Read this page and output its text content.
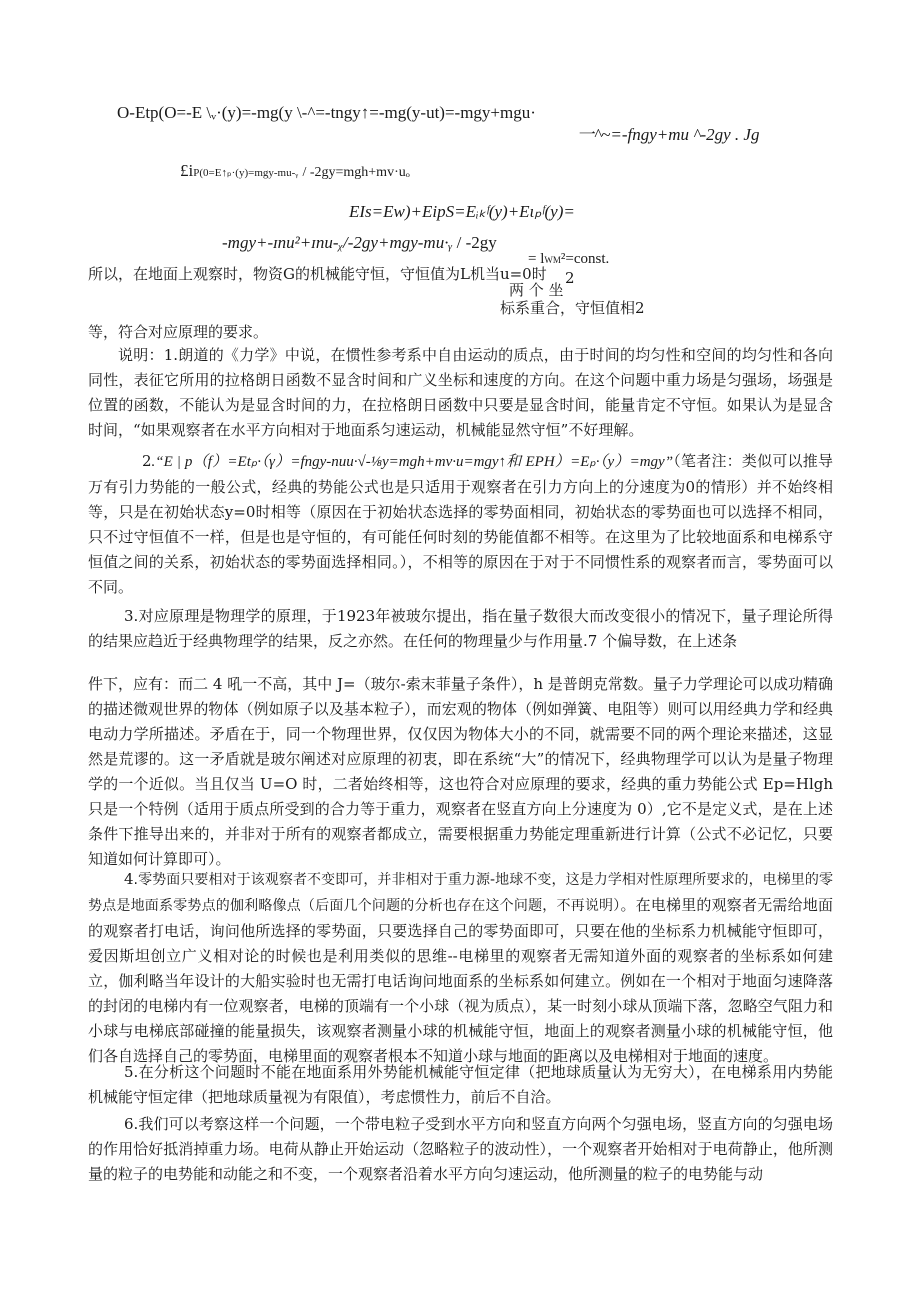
O-Etp(O=-E \ᵥ·(y)=-mg(y \-^=-tngy↑=-mg(y-ut)=-mgy+mgu·
一^~=-fngy+mu ^-2gy . Jg
£iP(0=E↑ₚ·(y)=mgy-mu-ᵧ / -2gy=mgh+mv·uₒ
EIs=Ew)+EipS=Eᵢₖᶠ(y)+Eιₚᶠ(y)=
-mgy+-ɪnu²+ɪnu-ᵪ/-2gy+mgy-mu·ᵧ / -2gy
= lWM²=const.
所以，在地面上观察时，物资G的机械能守恒，守恒值为L机当u=0时 2
两 个 坐
标系重合，守恒值相2
等，符合对应原理的要求。
说明：1.朗道的《力学》中说，在惯性参考系中自由运动的质点，由于时间的均匀性和空间的均匀性和各向同性，表征它所用的拉格朗日函数不显含时间和广义坐标和速度的方向。在这个问题中重力场是匀强场，场强是位置的函数，不能认为是显含时间的力，在拉格朗日函数中只要是显含时间，能量肯定不守恒。如果认为是显含时间，“如果观察者在水平方向相对于地面系匀速运动，机械能显然守恒”不好理解。
2.“E | p（f）=Etₚ·（γ）=fngy-nuu·√-⅛y=mgh+mv·u=mgy↑和 EPH）=Eₚ·（y）=mgy”（笔者注：类似可以推导万有引力势能的一般公式，经典的势能公式也是只适用于观察者在引力方向上的分速度为0的情形）并不始终相等，只是在初始状态y=0时相等（原因在于初始状态选择的零势面相同，初始状态的零势面也可以选择不相同，只不过守恒值不一样，但是也是守恒的，有可能任何时刻的势能值都不相等。在这里为了比较地面系和电梯系守恒值之间的关系，初始状态的零势面选择相同。），不相等的原因在于对于不同惯性系的观察者而言，零势面可以不同。
3.对应原理是物理学的原理，于1923年被玻尔提出，指在量子数很大而改变很小的情况下，量子理论所得的结果应趋近于经典物理学的结果，反之亦然。在任何的物理量少与作用量.7 个偏导数，在上述条
件下，应有：而二 4 吼一不高，其中 J=（玻尔-索末菲量子条件），h 是普朗克常数。量子力学理论可以成功精确的描述微观世界的物体（例如原子以及基本粒子），而宏观的物体（例如弹簧、电阻等）则可以用经典力学和经典电动力学所描述。矛盾在于，同一个物理世界，仅仅因为物体大小的不同，就需要不同的两个理论来描述，这显然是荒谬的。这一矛盾就是玻尔阐述对应原理的初衷，即在系统“大”的情况下，经典物理学可以认为是量子物理学的一个近似。当且仅当 U=O 时，二者始终相等，这也符合对应原理的要求，经典的重力势能公式 Ep=Hlgh 只是一个特例（适用于质点所受到的合力等于重力，观察者在竖直方向上分速度为 0）,它不是定义式，是在上述条件下推导出来的，并非对于所有的观察者都成立，需要根据重力势能定理重新进行计算（公式不必记忆，只要知道如何计算即可）。
4.零势面只要相对于该观察者不变即可，并非相对于重力源-地球不变，这是力学相对性原理所要求的，电梯里的零势点是地面系零势点的伽利略像点（后面几个问题的分析也存在这个问题，不再说明）。在电梯里的观察者无需给地面的观察者打电话，询问他所选择的零势面，只要选择自己的零势面即可，只要在他的坐标系力机械能守恒即可，爱因斯坦创立广义相对论的时候也是利用类似的思维--电梯里的观察者无需知道外面的观察者的坐标系如何建立，伽利略当年设计的大船实验时也无需打电话询问地面系的坐标系如何建立。例如在一个相对于地面匀速降落的封闭的电梯内有一位观察者，电梯的顶端有一个小球（视为质点），某一时刻小球从顶端下落，忽略空气阻力和小球与电梯底部碰撞的能量损失，该观察者测量小球的机械能守恒，地面上的观察者测量小球的机械能守恒，他们各自选择自己的零势面，电梯里面的观察者根本不知道小球与地面的距离以及电梯相对于地面的速度。
5.在分析这个问题时不能在地面系用外势能机械能守恒定律（把地球质量认为无穷大），在电梯系用内势能机械能守恒定律（把地球质量视为有限值），考虑惯性力，前后不自洽。
6.我们可以考察这样一个问题，一个带电粒子受到水平方向和竖直方向两个匀强电场，竖直方向的匀强电场的作用恰好抵消掉重力场。电荷从静止开始运动（忽略粒子的波动性），一个观察者开始相对于电荷静止，他所测量的粒子的电势能和动能之和不变，一个观察者沿着水平方向匀速运动，他所测量的粒子的电势能与动
